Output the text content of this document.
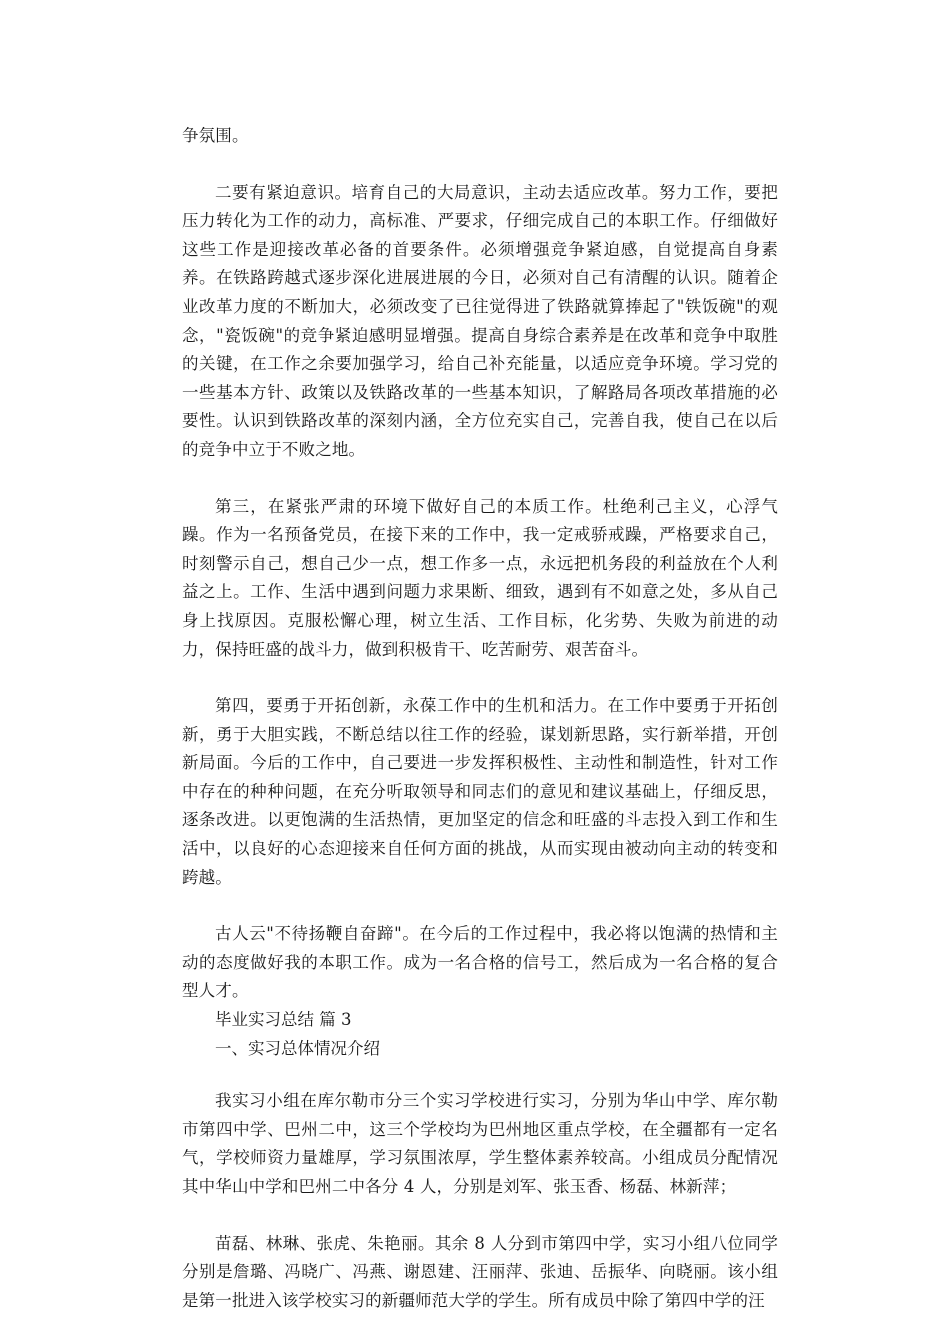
争氛围。

二要有紧迫意识。培育自己的大局意识，主动去适应改革。努力工作，要把压力转化为工作的动力，高标准、严要求，仔细完成自己的本职工作。仔细做好这些工作是迎接改革必备的首要条件。必须增强竞争紧迫感，自觉提高自身素养。在铁路跨越式逐步深化进展进展的今日，必须对自己有清醒的认识。随着企业改革力度的不断加大，必须改变了已往觉得进了铁路就算捧起了"铁饭碗"的观念，"瓷饭碗"的竞争紧迫感明显增强。提高自身综合素养是在改革和竞争中取胜的关键，在工作之余要加强学习，给自己补充能量，以适应竞争环境。学习党的一些基本方针、政策以及铁路改革的一些基本知识，了解路局各项改革措施的必要性。认识到铁路改革的深刻内涵，全方位充实自己，完善自我，使自己在以后的竞争中立于不败之地。

第三，在紧张严肃的环境下做好自己的本质工作。杜绝利己主义，心浮气躁。作为一名预备党员，在接下来的工作中，我一定戒骄戒躁，严格要求自己，时刻警示自己，想自己少一点，想工作多一点，永远把机务段的利益放在个人利益之上。工作、生活中遇到问题力求果断、细致，遇到有不如意之处，多从自己身上找原因。克服松懈心理，树立生活、工作目标，化劣势、失败为前进的动力，保持旺盛的战斗力，做到积极肯干、吃苦耐劳、艰苦奋斗。

第四，要勇于开拓创新，永葆工作中的生机和活力。在工作中要勇于开拓创新，勇于大胆实践，不断总结以往工作的经验，谋划新思路，实行新举措，开创新局面。今后的工作中，自己要进一步发挥积极性、主动性和制造性，针对工作中存在的种种问题，在充分听取领导和同志们的意见和建议基础上，仔细反思，逐条改进。以更饱满的生活热情，更加坚定的信念和旺盛的斗志投入到工作和生活中，以良好的心态迎接来自任何方面的挑战，从而实现由被动向主动的转变和跨越。

古人云"不待扬鞭自奋蹄"。在今后的工作过程中，我必将以饱满的热情和主动的态度做好我的本职工作。成为一名合格的信号工，然后成为一名合格的复合型人才。

毕业实习总结 篇 3

一、实习总体情况介绍

我实习小组在库尔勒市分三个实习学校进行实习，分别为华山中学、库尔勒市第四中学、巴州二中，这三个学校均为巴州地区重点学校，在全疆都有一定名气，学校师资力量雄厚，学习氛围浓厚，学生整体素养较高。小组成员分配情况其中华山中学和巴州二中各分 4 人，分别是刘军、张玉香、杨磊、林新萍；

苗磊、林琳、张虎、朱艳丽。其余 8 人分到市第四中学，实习小组八位同学分别是詹璐、冯晓广、冯燕、谢恩建、汪丽萍、张迪、岳振华、向晓丽。该小组是第一批进入该学校实习的新疆师范大学的学生。所有成员中除了第四中学的汪
